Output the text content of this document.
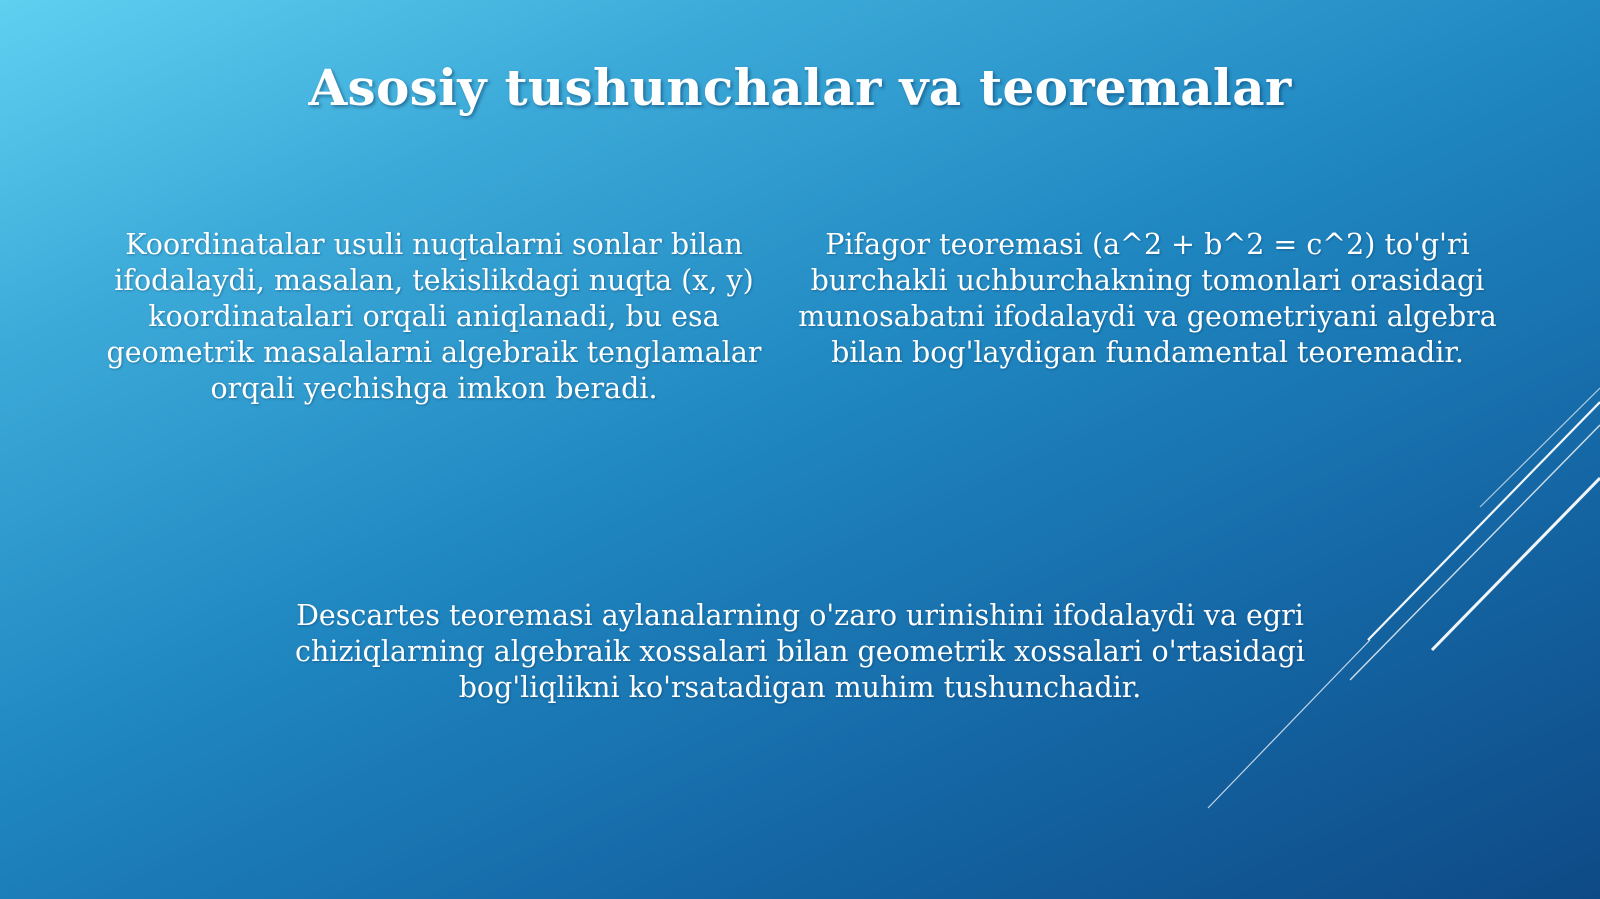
Asosiy tushunchalar va teoremalar

Koordinatalar usuli nuqtalarni sonlar bilan ifodalaydi, masalan, tekislikdagi nuqta (x, y) koordinatalari orqali aniqlanadi, bu esa geometrik masalalarni algebraik tenglamalar orqali yechishga imkon beradi.

Pifagor teoremasi (a^2 + b^2 = c^2) to'g'ri burchakli uchburchakning tomonlari orasidagi munosabatni ifodalaydi va geometriyani algebra bilan bog'laydigan fundamental teoremadir.

Descartes teoremasi aylanalarning o'zaro urinishini ifodalaydi va egri chiziqlarning algebraik xossalari bilan geometrik xossalari o'rtasidagi bog'liqlikni ko'rsatadigan muhim tushunchadir.
